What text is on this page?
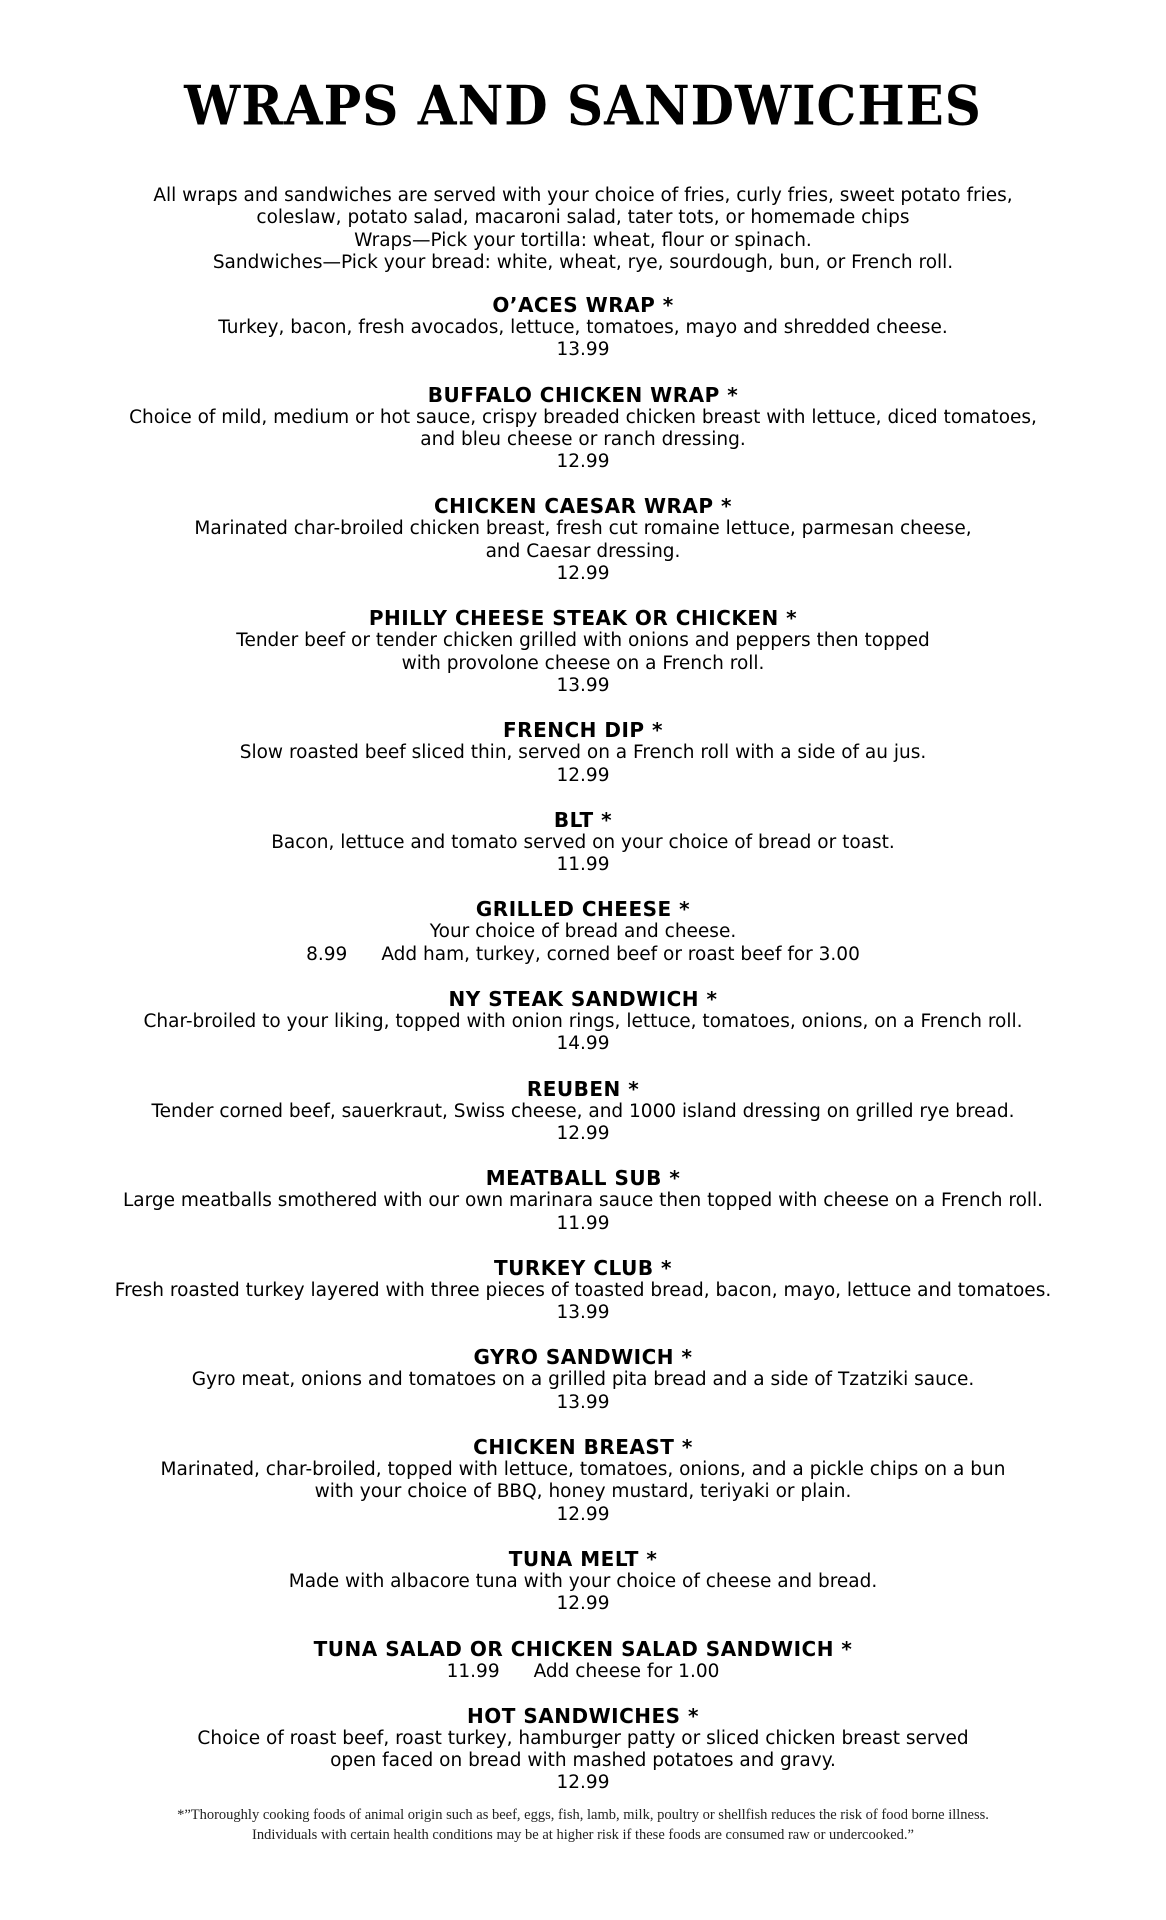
WRAPS AND SANDWICHES
All wraps and sandwiches are served with your choice of fries, curly fries, sweet potato fries,
coleslaw, potato salad, macaroni salad, tater tots, or homemade chips
Wraps—Pick your tortilla: wheat, flour or spinach.
Sandwiches—Pick your bread: white, wheat, rye, sourdough, bun, or French roll.
O’ACES WRAP *
Turkey, bacon, fresh avocados, lettuce, tomatoes, mayo and shredded cheese.
13.99
BUFFALO CHICKEN WRAP *
Choice of mild, medium or hot sauce, crispy breaded chicken breast with lettuce, diced tomatoes,
and bleu cheese or ranch dressing.
12.99
CHICKEN CAESAR WRAP *
Marinated char-broiled chicken breast, fresh cut romaine lettuce, parmesan cheese,
and Caesar dressing.
12.99
PHILLY CHEESE STEAK OR CHICKEN *
Tender beef or tender chicken grilled with onions and peppers then topped
with provolone cheese on a French roll.
13.99
FRENCH DIP *
Slow roasted beef sliced thin, served on a French roll with a side of au jus.
12.99
BLT *
Bacon, lettuce and tomato served on your choice of bread or toast.
11.99
GRILLED CHEESE *
Your choice of bread and cheese.
8.99 Add ham, turkey, corned beef or roast beef for 3.00
NY STEAK SANDWICH *
Char-broiled to your liking, topped with onion rings, lettuce, tomatoes, onions, on a French roll.
14.99
REUBEN *
Tender corned beef, sauerkraut, Swiss cheese, and 1000 island dressing on grilled rye bread.
12.99
MEATBALL SUB *
Large meatballs smothered with our own marinara sauce then topped with cheese on a French roll.
11.99
TURKEY CLUB *
Fresh roasted turkey layered with three pieces of toasted bread, bacon, mayo, lettuce and tomatoes.
13.99
GYRO SANDWICH *
Gyro meat, onions and tomatoes on a grilled pita bread and a side of Tzatziki sauce.
13.99
CHICKEN BREAST *
Marinated, char-broiled, topped with lettuce, tomatoes, onions, and a pickle chips on a bun
with your choice of BBQ, honey mustard, teriyaki or plain.
12.99
TUNA MELT *
Made with albacore tuna with your choice of cheese and bread.
12.99
TUNA SALAD OR CHICKEN SALAD SANDWICH *
11.99 Add cheese for 1.00
HOT SANDWICHES *
Choice of roast beef, roast turkey, hamburger patty or sliced chicken breast served
open faced on bread with mashed potatoes and gravy.
12.99
*”Thoroughly cooking foods of animal origin such as beef, eggs, fish, lamb, milk, poultry or shellfish reduces the risk of food borne illness.
Individuals with certain health conditions may be at higher risk if these foods are consumed raw or undercooked.”
